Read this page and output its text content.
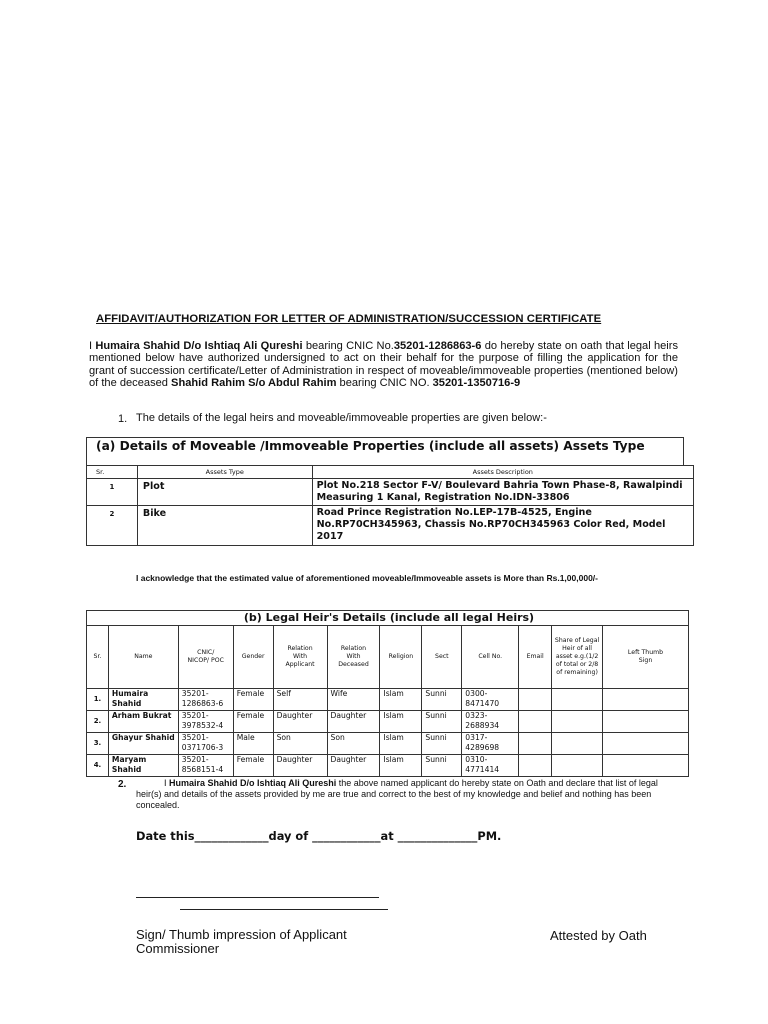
AFFIDAVIT/AUTHORIZATION FOR LETTER OF ADMINISTRATION/SUCCESSION CERTIFICATE
I Humaira Shahid D/o Ishtiaq Ali Qureshi bearing CNIC No.35201-1286863-6 do hereby state on oath that legal heirs mentioned below have authorized undersigned to act on their behalf for the purpose of filling the application for the grant of succession certificate/Letter of Administration in respect of moveable/immoveable properties (mentioned below) of the deceased Shahid Rahim S/o Abdul Rahim bearing CNIC NO. 35201-1350716-9
1. The details of the legal heirs and moveable/immoveable properties are given below:-
(a) Details of Moveable /Immoveable Properties (include all assets) Assets Type
Sr.	Assets Type	Assets Description
1	Plot	Plot No.218 Sector F-V/ Boulevard Bahria Town Phase-8, Rawalpindi Measuring 1 Kanal, Registration No.IDN-33806
2	Bike	Road Prince Registration No.LEP-17B-4525, Engine No.RP70CH345963, Chassis No.RP70CH345963 Color Red, Model 2017
I acknowledge that the estimated value of aforementioned moveable/Immoveable assets is More than Rs.1,00,000/-
(b) Legal Heir's Details (include all legal Heirs)											
Sr.	Name	CNIC/ NICOP/ POC	Gender	Relation With Applicant	Relation With Deceased	Religion	Sect	Cell No.	Email	Share of Legal Heir of all asset e.g.(1/2 of total or 2/8 of remaining)	Left Thumb Sign
1.	Humaira Shahid	35201-1286863-6	Female	Self	Wife	Islam	Sunni	0300-8471470			
2.	Arham Bukrat	35201-3978532-4	Female	Daughter	Daughter	Islam	Sunni	0323-2688934			
3.	Ghayur Shahid	35201-0371706-3	Male	Son	Son	Islam	Sunni	0317-4289698			
4.	Maryam Shahid	35201-8568151-4	Female	Daughter	Daughter	Islam	Sunni	0310-4771414			
2.	I Humaira Shahid D/o Ishtiaq Ali Qureshi the above named applicant do hereby state on Oath and declare that list of legal heir(s) and details of the assets provided by me are true and correct to the best of my knowledge and belief and nothing has been concealed.
Date this_____________day of ____________at ______________PM.
Sign/ Thumb impression of Applicant
Commissioner
Attested by Oath
